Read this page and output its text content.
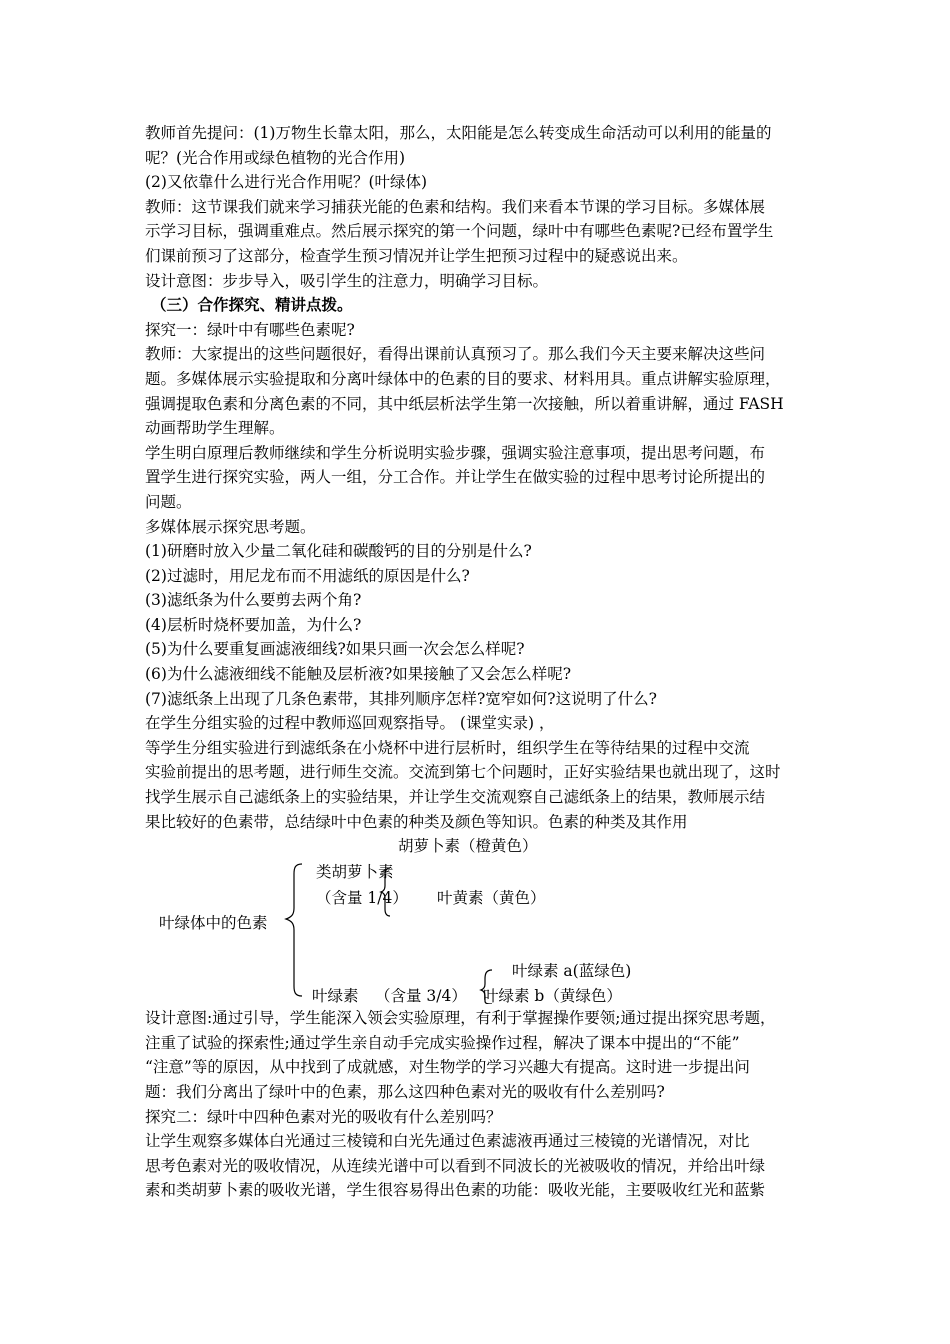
教师首先提问：(1)万物生长靠太阳，那么，太阳能是怎么转变成生命活动可以利用的能量的
呢？(光合作用或绿色植物的光合作用)
(2)又依靠什么进行光合作用呢？(叶绿体)
教师：这节课我们就来学习捕获光能的色素和结构。我们来看本节课的学习目标。多媒体展
示学习目标，强调重难点。然后展示探究的第一个问题，绿叶中有哪些色素呢?已经布置学生
们课前预习了这部分，检查学生预习情况并让学生把预习过程中的疑惑说出来。
设计意图：步步导入，吸引学生的注意力，明确学习目标。
（三）合作探究、精讲点拨。
探究一：绿叶中有哪些色素呢?
教师：大家提出的这些问题很好，看得出课前认真预习了。那么我们今天主要来解决这些问
题。多媒体展示实验提取和分离叶绿体中的色素的目的要求、材料用具。重点讲解实验原理，
强调提取色素和分离色素的不同，其中纸层析法学生第一次接触，所以着重讲解，通过 FASH
动画帮助学生理解。
学生明白原理后教师继续和学生分析说明实验步骤，强调实验注意事项，提出思考问题，布
置学生进行探究实验，两人一组，分工合作。并让学生在做实验的过程中思考讨论所提出的
问题。
多媒体展示探究思考题。
(1)研磨时放入少量二氧化硅和碳酸钙的目的分别是什么?
(2)过滤时，用尼龙布而不用滤纸的原因是什么?
(3)滤纸条为什么要剪去两个角?
(4)层析时烧杯要加盖，为什么?
(5)为什么要重复画滤液细线?如果只画一次会怎么样呢?
(6)为什么滤液细线不能触及层析液?如果接触了又会怎么样呢?
(7)滤纸条上出现了几条色素带，其排列顺序怎样?宽窄如何?这说明了什么?
在学生分组实验的过程中教师巡回观察指导。 (课堂实录) ，
等学生分组实验进行到滤纸条在小烧杯中进行层析时，组织学生在等待结果的过程中交流
实验前提出的思考题，进行师生交流。交流到第七个问题时，正好实验结果也就出现了，这时
找学生展示自己滤纸条上的实验结果，并让学生交流观察自己滤纸条上的结果，教师展示结
果比较好的色素带，总结绿叶中色素的种类及颜色等知识。色素的种类及其作用
胡萝卜素（橙黄色）
类胡萝卜素
（含量 1/4） 叶黄素（黄色）
叶绿体中的色素
叶绿素 a(蓝绿色)
叶绿素 （含量 3/4） 叶绿素 b（黄绿色）
设计意图:通过引导，学生能深入领会实验原理，有利于掌握操作要领;通过提出探究思考题，
注重了试验的探索性;通过学生亲自动手完成实验操作过程，解决了课本中提出的“不能”
“注意”等的原因，从中找到了成就感，对生物学的学习兴趣大有提高。这时进一步提出问
题：我们分离出了绿叶中的色素，那么这四种色素对光的吸收有什么差别吗?
探究二：绿叶中四种色素对光的吸收有什么差别吗？
让学生观察多媒体白光通过三棱镜和白光先通过色素滤液再通过三棱镜的光谱情况，对比
思考色素对光的吸收情况，从连续光谱中可以看到不同波长的光被吸收的情况，并给出叶绿
素和类胡萝卜素的吸收光谱，学生很容易得出色素的功能：吸收光能，主要吸收红光和蓝紫
